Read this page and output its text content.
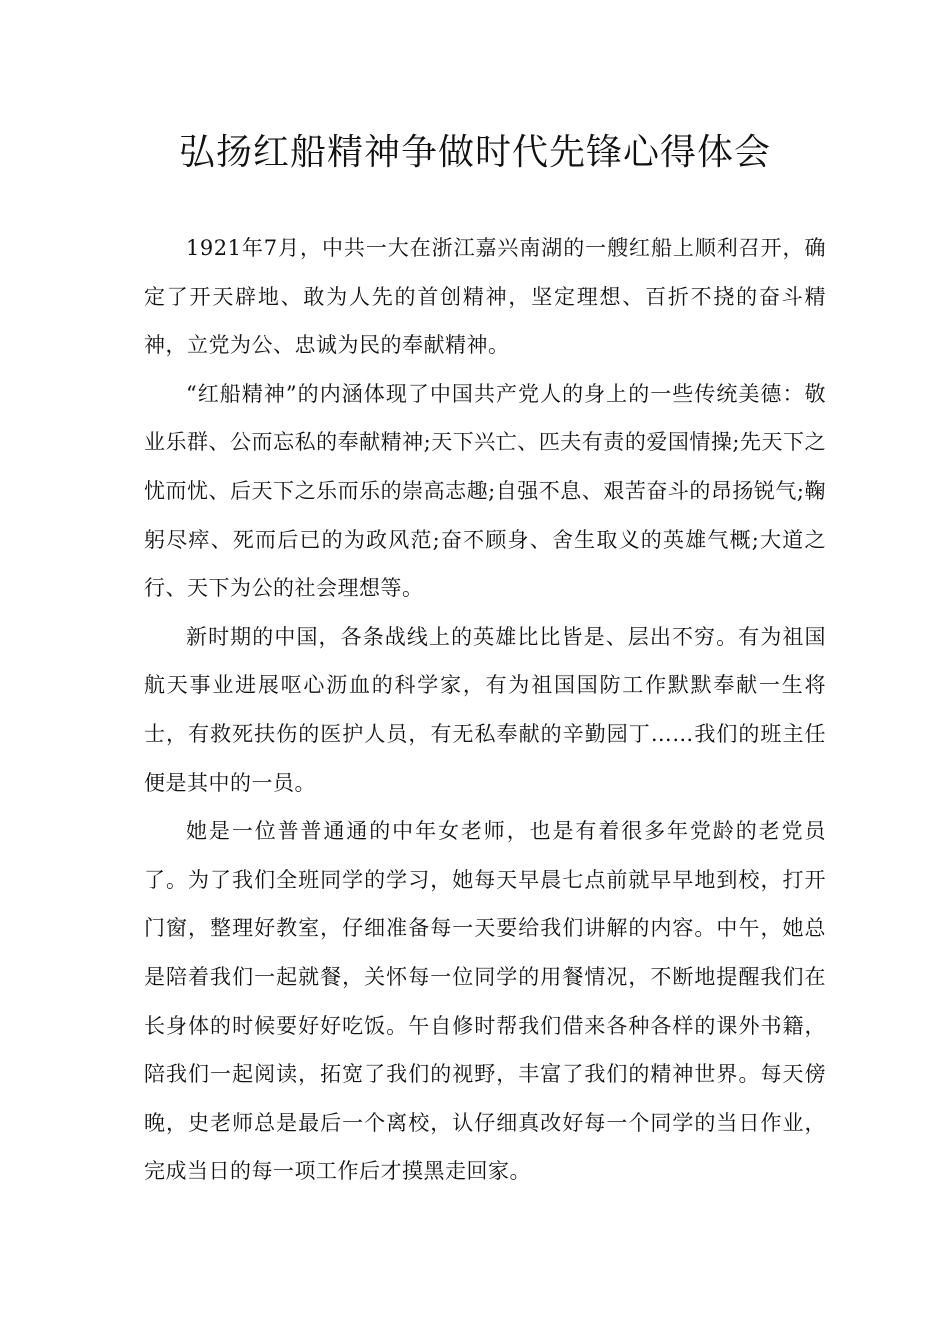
弘扬红船精神争做时代先锋心得体会

1921年7月，中共一大在浙江嘉兴南湖的一艘红船上顺利召开，确定了开天辟地、敢为人先的首创精神，坚定理想、百折不挠的奋斗精神，立党为公、忠诚为民的奉献精神。

“红船精神”的内涵体现了中国共产党人的身上的一些传统美德：敬业乐群、公而忘私的奉献精神;天下兴亡、匹夫有责的爱国情操;先天下之忧而忧、后天下之乐而乐的崇高志趣;自强不息、艰苦奋斗的昂扬锐气;鞠躬尽瘁、死而后已的为政风范;奋不顾身、舍生取义的英雄气概;大道之行、天下为公的社会理想等。

新时期的中国，各条战线上的英雄比比皆是、层出不穷。有为祖国航天事业进展呕心沥血的科学家，有为祖国国防工作默默奉献一生将士，有救死扶伤的医护人员，有无私奉献的辛勤园丁……我们的班主任便是其中的一员。

她是一位普普通通的中年女老师，也是有着很多年党龄的老党员了。为了我们全班同学的学习，她每天早晨七点前就早早地到校，打开门窗，整理好教室，仔细准备每一天要给我们讲解的内容。中午，她总是陪着我们一起就餐，关怀每一位同学的用餐情况，不断地提醒我们在长身体的时候要好好吃饭。午自修时帮我们借来各种各样的课外书籍，陪我们一起阅读，拓宽了我们的视野，丰富了我们的精神世界。每天傍晚，史老师总是最后一个离校，认仔细真改好每一个同学的当日作业，完成当日的每一项工作后才摸黑走回家。
